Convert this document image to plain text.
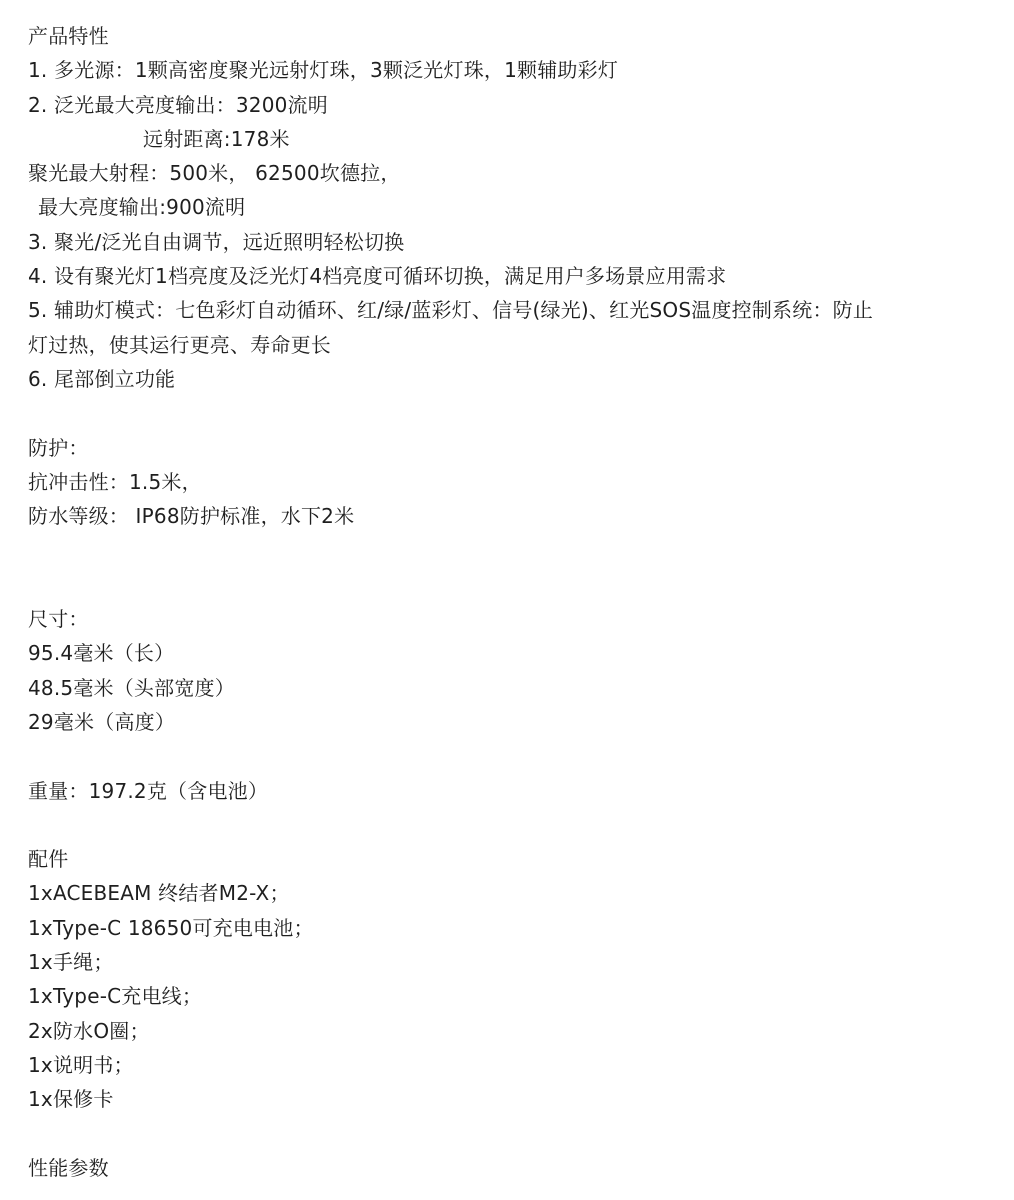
产品特性
1. 多光源：1颗高密度聚光远射灯珠，3颗泛光灯珠，1颗辅助彩灯
2. 泛光最大亮度输出：3200流明
远射距离:178米
聚光最大射程：500米， 62500坎德拉，
最大亮度输出:900流明
3. 聚光/泛光自由调节，远近照明轻松切换
4. 设有聚光灯1档亮度及泛光灯4档亮度可循环切换，满足用户多场景应用需求
5. 辅助灯模式：七色彩灯自动循环、红/绿/蓝彩灯、信号(绿光)、红光SOS温度控制系统：防止
灯过热，使其运行更亮、寿命更长
6. 尾部倒立功能
防护：
抗冲击性：1.5米，
防水等级： IP68防护标准，水下2米
尺寸：
95.4毫米（长）
48.5毫米（头部宽度）
29毫米（高度）
重量：197.2克（含电池）
配件
1xACEBEAM 终结者M2-X；
1xType-C 18650可充电电池；
1x手绳；
1xType-C充电线；
2x防水O圈；
1x说明书；
1x保修卡
性能参数
